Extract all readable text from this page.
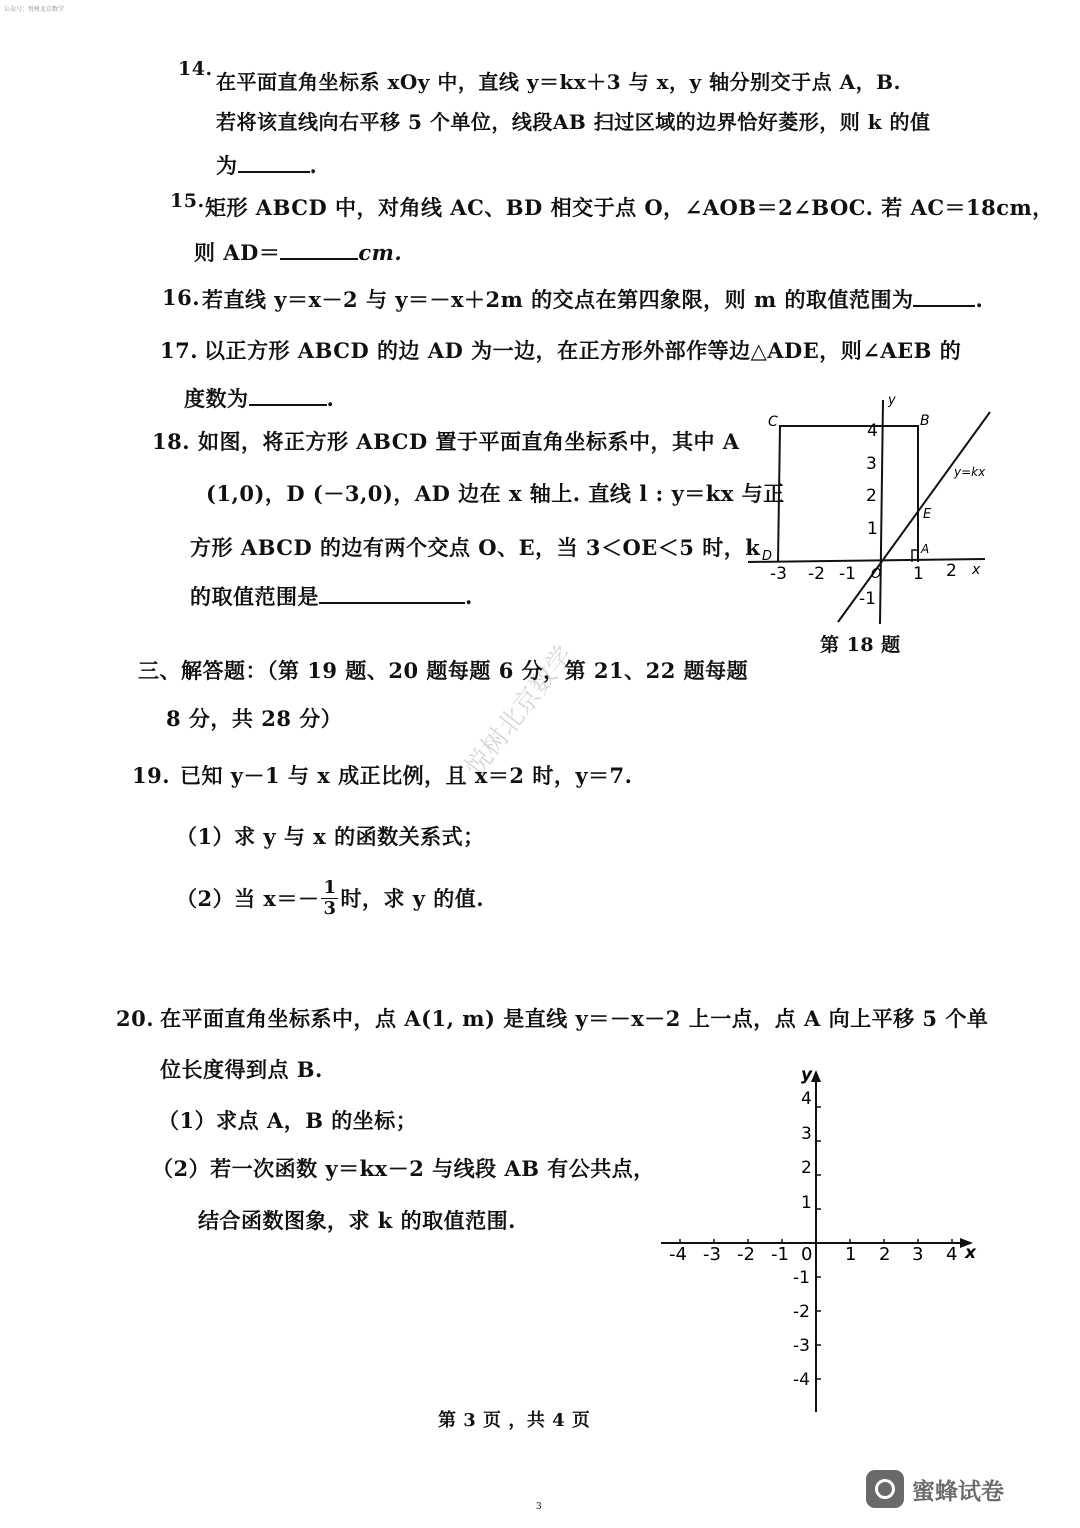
公众号：悦树北京数学
悦树北京数学
14.
在平面直角坐标系 xOy 中，直线 y＝kx＋3 与 x，y 轴分别交于点 A，B.
若将该直线向右平移 5 个单位，线段AB 扫过区域的边界恰好菱形，则 k 的值
为	.
15. 矩形 ABCD 中，对角线 AC、BD 相交于点 O，∠AOB＝2∠BOC. 若 AC＝18cm，
则 AD＝	cm.
16. 若直线 y＝x－2 与 y＝－x＋2m 的交点在第四象限，则 m 的取值范围为	.
17. 以正方形 ABCD 的边 AD 为一边，在正方形外部作等边△ADE，则∠AEB 的
度数为	.
18. 如图，将正方形 ABCD 置于平面直角坐标系中，其中 A
(1,0)，D (－3,0)，AD 边在 x 轴上. 直线 l : y＝kx 与正
方形 ABCD 的边有两个交点 O、E，当 3＜OE＜5 时，k
的取值范围是	.
C	B
D	A
E
O
y
x
y=kx
-3 -2 -1	1 2
4
3
2
1
-1
第 18 题
三、解答题：（第 19 题、20 题每题 6 分，第 21、22 题每题
8 分，共 28 分）
19. 已知 y－1 与 x 成正比例，且 x＝2 时，y＝7.
（1）求 y 与 x 的函数关系式；
（2）当 $x=- \frac{1}{3}$ 时，求 y 的值.
20. 在平面直角坐标系中，点 A(1, m) 是直线 y＝－x－2 上一点，点 A 向上平移 5 个单
位长度得到点 B.
（1）求点 A，B 的坐标；
（2）若一次函数 y＝kx－2 与线段 AB 有公共点，
结合函数图象，求 k 的取值范围.
y
x
0
-4 -3 -2 -1	1 2 3 4
4
3
2
1
-1
-2
-3
-4
第 3 页 ，共 4 页
3
蜜蜂试卷
